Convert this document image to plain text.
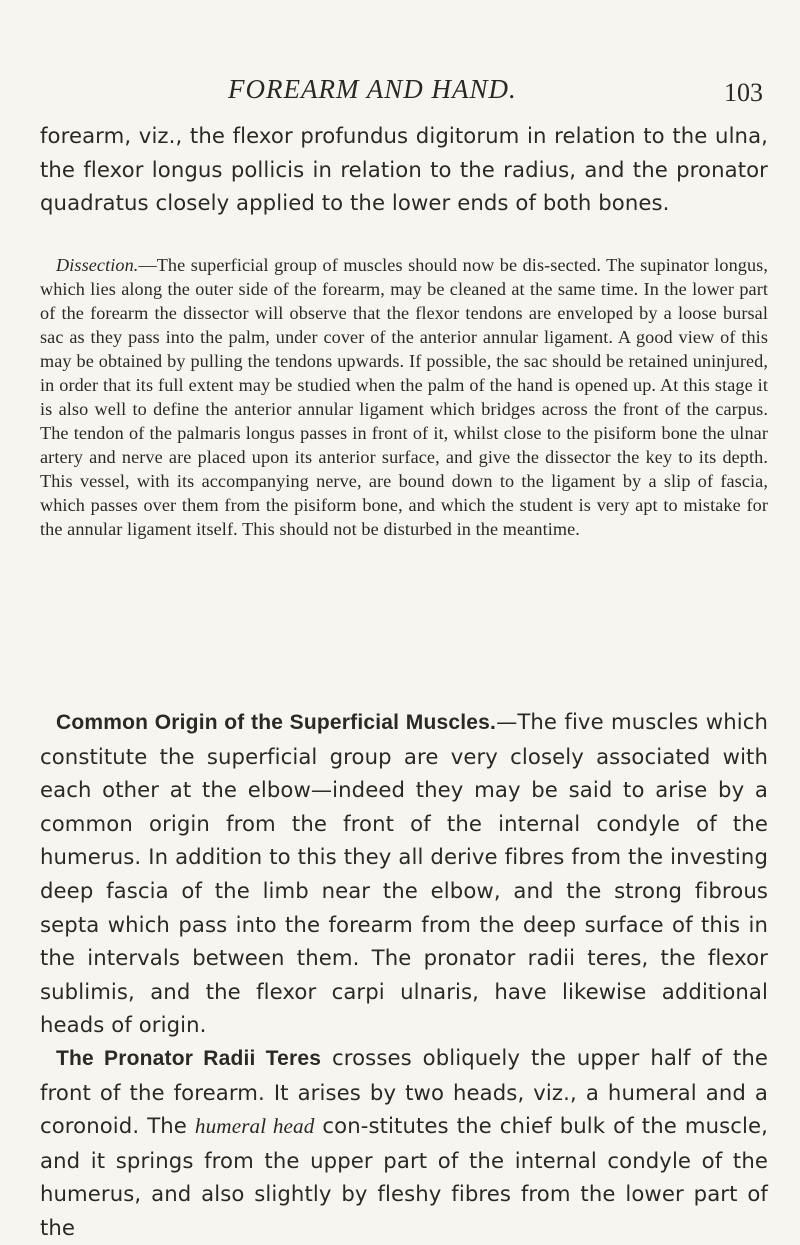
FOREARM AND HAND.	103

forearm, viz., the flexor profundus digitorum in relation to the ulna, the flexor longus pollicis in relation to the radius, and the pronator quadratus closely applied to the lower ends of both bones.

Dissection.—The superficial group of muscles should now be dis-sected. The supinator longus, which lies along the outer side of the forearm, may be cleaned at the same time. In the lower part of the forearm the dissector will observe that the flexor tendons are enveloped by a loose bursal sac as they pass into the palm, under cover of the anterior annular ligament. A good view of this may be obtained by pulling the tendons upwards. If possible, the sac should be retained uninjured, in order that its full extent may be studied when the palm of the hand is opened up. At this stage it is also well to define the anterior annular ligament which bridges across the front of the carpus. The tendon of the palmaris longus passes in front of it, whilst close to the pisiform bone the ulnar artery and nerve are placed upon its anterior surface, and give the dissector the key to its depth. This vessel, with its accompanying nerve, are bound down to the ligament by a slip of fascia, which passes over them from the pisiform bone, and which the student is very apt to mistake for the annular ligament itself. This should not be disturbed in the meantime.

Common Origin of the Superficial Muscles.—The five muscles which constitute the superficial group are very closely associated with each other at the elbow—indeed they may be said to arise by a common origin from the front of the internal condyle of the humerus. In addition to this they all derive fibres from the investing deep fascia of the limb near the elbow, and the strong fibrous septa which pass into the forearm from the deep surface of this in the intervals between them. The pronator radii teres, the flexor sublimis, and the flexor carpi ulnaris, have likewise additional heads of origin.

The Pronator Radii Teres crosses obliquely the upper half of the front of the forearm. It arises by two heads, viz., a humeral and a coronoid. The humeral head con-stitutes the chief bulk of the muscle, and it springs from the upper part of the internal condyle of the humerus, and also slightly by fleshy fibres from the lower part of the
